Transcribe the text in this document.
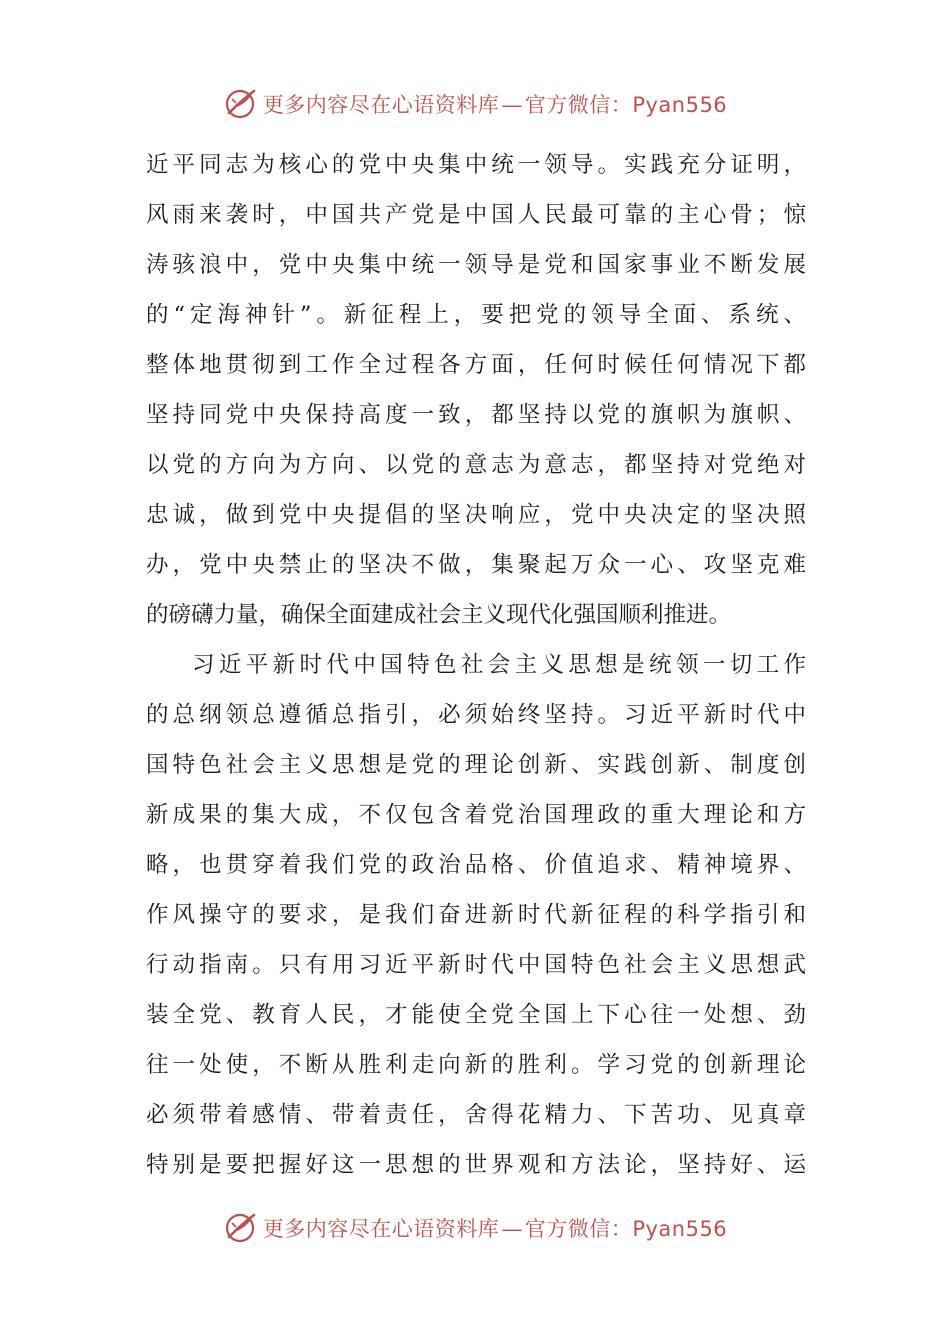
更多内容尽在心语资料库—官方微信：Pyan556
近平同志为核心的党中央集中统一领导。实践充分证明，
风雨来袭时，中国共产党是中国人民最可靠的主心骨；惊
涛骇浪中，党中央集中统一领导是党和国家事业不断发展
的“定海神针”。新征程上，要把党的领导全面、系统、
整体地贯彻到工作全过程各方面，任何时候任何情况下都
坚持同党中央保持高度一致，都坚持以党的旗帜为旗帜、
以党的方向为方向、以党的意志为意志，都坚持对党绝对
忠诚，做到党中央提倡的坚决响应，党中央决定的坚决照
办，党中央禁止的坚决不做，集聚起万众一心、攻坚克难
的磅礴力量，确保全面建成社会主义现代化强国顺利推进。
习近平新时代中国特色社会主义思想是统领一切工作
的总纲领总遵循总指引，必须始终坚持。习近平新时代中
国特色社会主义思想是党的理论创新、实践创新、制度创
新成果的集大成，不仅包含着党治国理政的重大理论和方
略，也贯穿着我们党的政治品格、价值追求、精神境界、
作风操守的要求，是我们奋进新时代新征程的科学指引和
行动指南。只有用习近平新时代中国特色社会主义思想武
装全党、教育人民，才能使全党全国上下心往一处想、劲
往一处使，不断从胜利走向新的胜利。学习党的创新理论
必须带着感情、带着责任，舍得花精力、下苦功、见真章
特别是要把握好这一思想的世界观和方法论，坚持好、运
更多内容尽在心语资料库—官方微信：Pyan556
